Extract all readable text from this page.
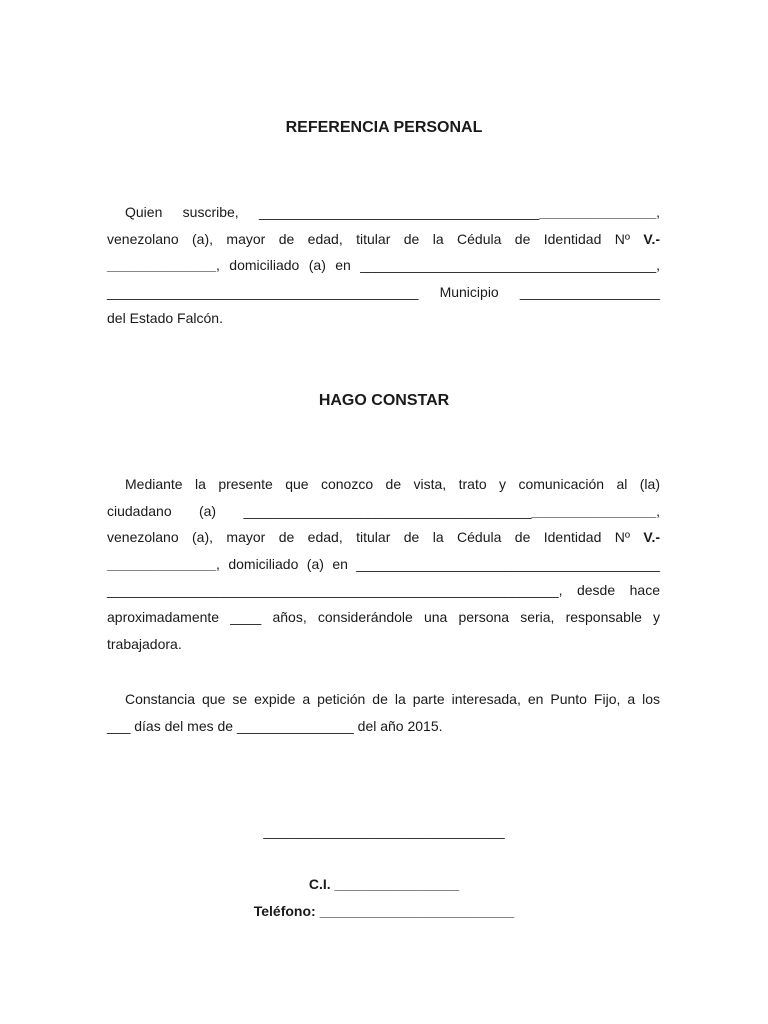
REFERENCIA PERSONAL
Quien suscribe, ___________________________________________________,
venezolano (a), mayor de edad, titular de la Cédula de Identidad Nº V.-
______________, domiciliado (a) en ______________________________________,
________________________________________ Municipio __________________
del Estado Falcón.
HAGO CONSTAR
Mediante la presente que conozco de vista, trato y comunicación al (la)
ciudadano (a) _____________________________________________________,
venezolano (a), mayor de edad, titular de la Cédula de Identidad Nº V.-
______________, domiciliado (a) en _______________________________________
__________________________________________________________, desde hace
aproximadamente ____ años, considerándole una persona seria, responsable y
trabajadora.
Constancia que se expide a petición de la parte interesada, en Punto Fijo, a los
___ días del mes de _______________ del año 2015.
_______________________________
C.I. ________________
Teléfono: _________________________
